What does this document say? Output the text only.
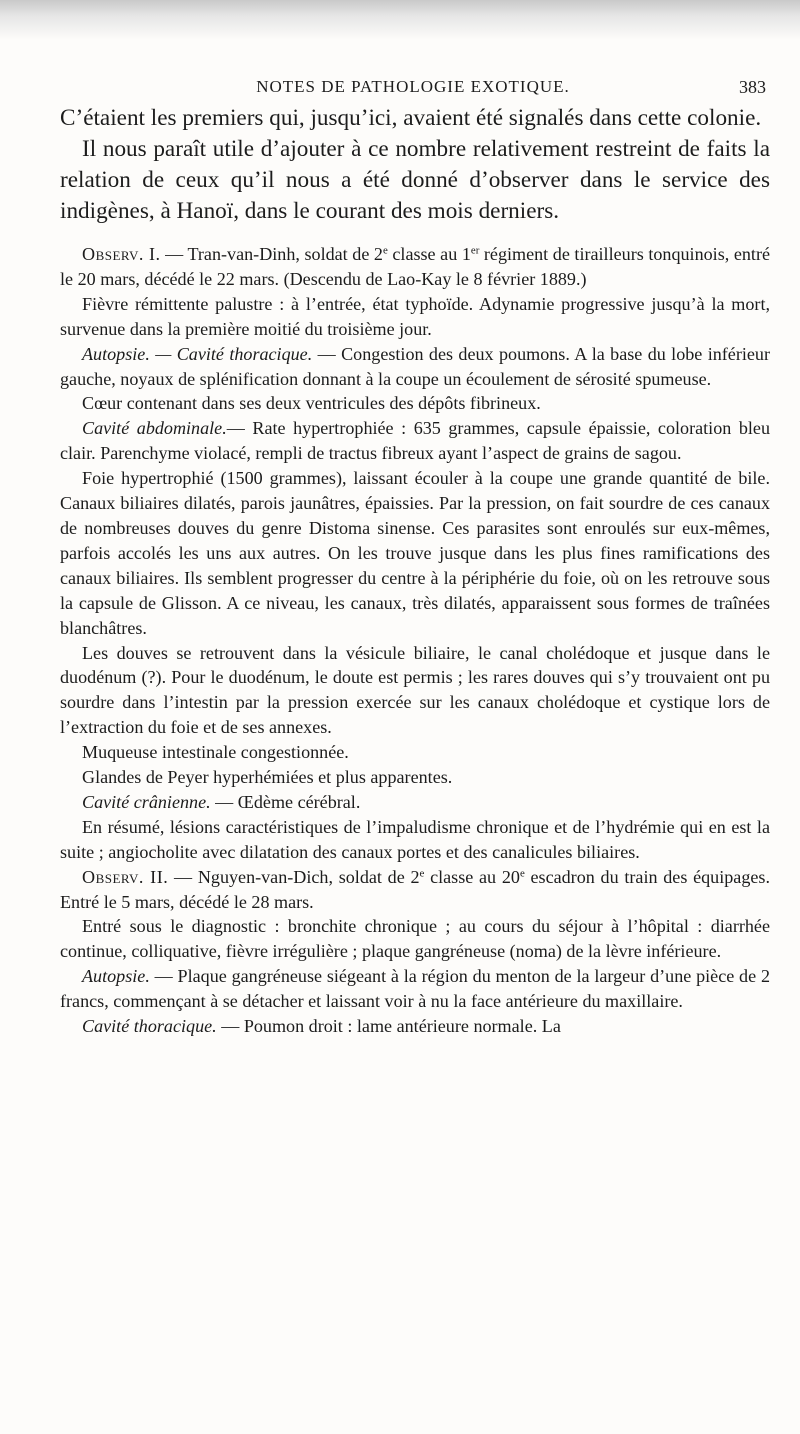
NOTES DE PATHOLOGIE EXOTIQUE.	383

C’étaient les premiers qui, jusqu’ici, avaient été signalés dans cette colonie.

Il nous paraît utile d’ajouter à ce nombre relativement restreint de faits la relation de ceux qu’il nous a été donné d’observer dans le service des indigènes, à Hanoï, dans le courant des mois derniers.

Observ. I. — Tran-van-Dinh, soldat de 2e classe au 1er régiment de tirailleurs tonquinois, entré le 20 mars, décédé le 22 mars. (Descendu de Lao-Kay le 8 février 1889.)

Fièvre rémittente palustre : à l’entrée, état typhoïde. Adynamie progressive jusqu’à la mort, survenue dans la première moitié du troisième jour.

Autopsie. — Cavité thoracique. — Congestion des deux poumons. A la base du lobe inférieur gauche, noyaux de splénification donnant à la coupe un écoulement de sérosité spumeuse.

Cœur contenant dans ses deux ventricules des dépôts fibrineux.

Cavité abdominale.— Rate hypertrophiée : 635 grammes, capsule épaissie, coloration bleu clair. Parenchyme violacé, rempli de tractus fibreux ayant l’aspect de grains de sagou.

Foie hypertrophié (1500 grammes), laissant écouler à la coupe une grande quantité de bile. Canaux biliaires dilatés, parois jaunâtres, épaissies. Par la pression, on fait sourdre de ces canaux de nombreuses douves du genre Distoma sinense. Ces parasites sont enroulés sur eux-mêmes, parfois accolés les uns aux autres. On les trouve jusque dans les plus fines ramifications des canaux biliaires. Ils semblent progresser du centre à la périphérie du foie, où on les retrouve sous la capsule de Glisson. A ce niveau, les canaux, très dilatés, apparaissent sous formes de traînées blanchâtres.

Les douves se retrouvent dans la vésicule biliaire, le canal cholédoque et jusque dans le duodénum (?). Pour le duodénum, le doute est permis ; les rares douves qui s’y trouvaient ont pu sourdre dans l’intestin par la pression exercée sur les canaux cholédoque et cystique lors de l’extraction du foie et de ses annexes.

Muqueuse intestinale congestionnée.

Glandes de Peyer hyperhémiées et plus apparentes.

Cavité crânienne. — Œdème cérébral.

En résumé, lésions caractéristiques de l’impaludisme chronique et de l’hydrémie qui en est la suite ; angiocholite avec dilatation des canaux portes et des canalicules biliaires.

Observ. II. — Nguyen-van-Dich, soldat de 2e classe au 20e escadron du train des équipages. Entré le 5 mars, décédé le 28 mars.

Entré sous le diagnostic : bronchite chronique ; au cours du séjour à l’hôpital : diarrhée continue, colliquative, fièvre irrégulière ; plaque gangréneuse (noma) de la lèvre inférieure.

Autopsie. — Plaque gangréneuse siégeant à la région du menton de la largeur d’une pièce de 2 francs, commençant à se détacher et laissant voir à nu la face antérieure du maxillaire.

Cavité thoracique. — Poumon droit : lame antérieure normale. La
